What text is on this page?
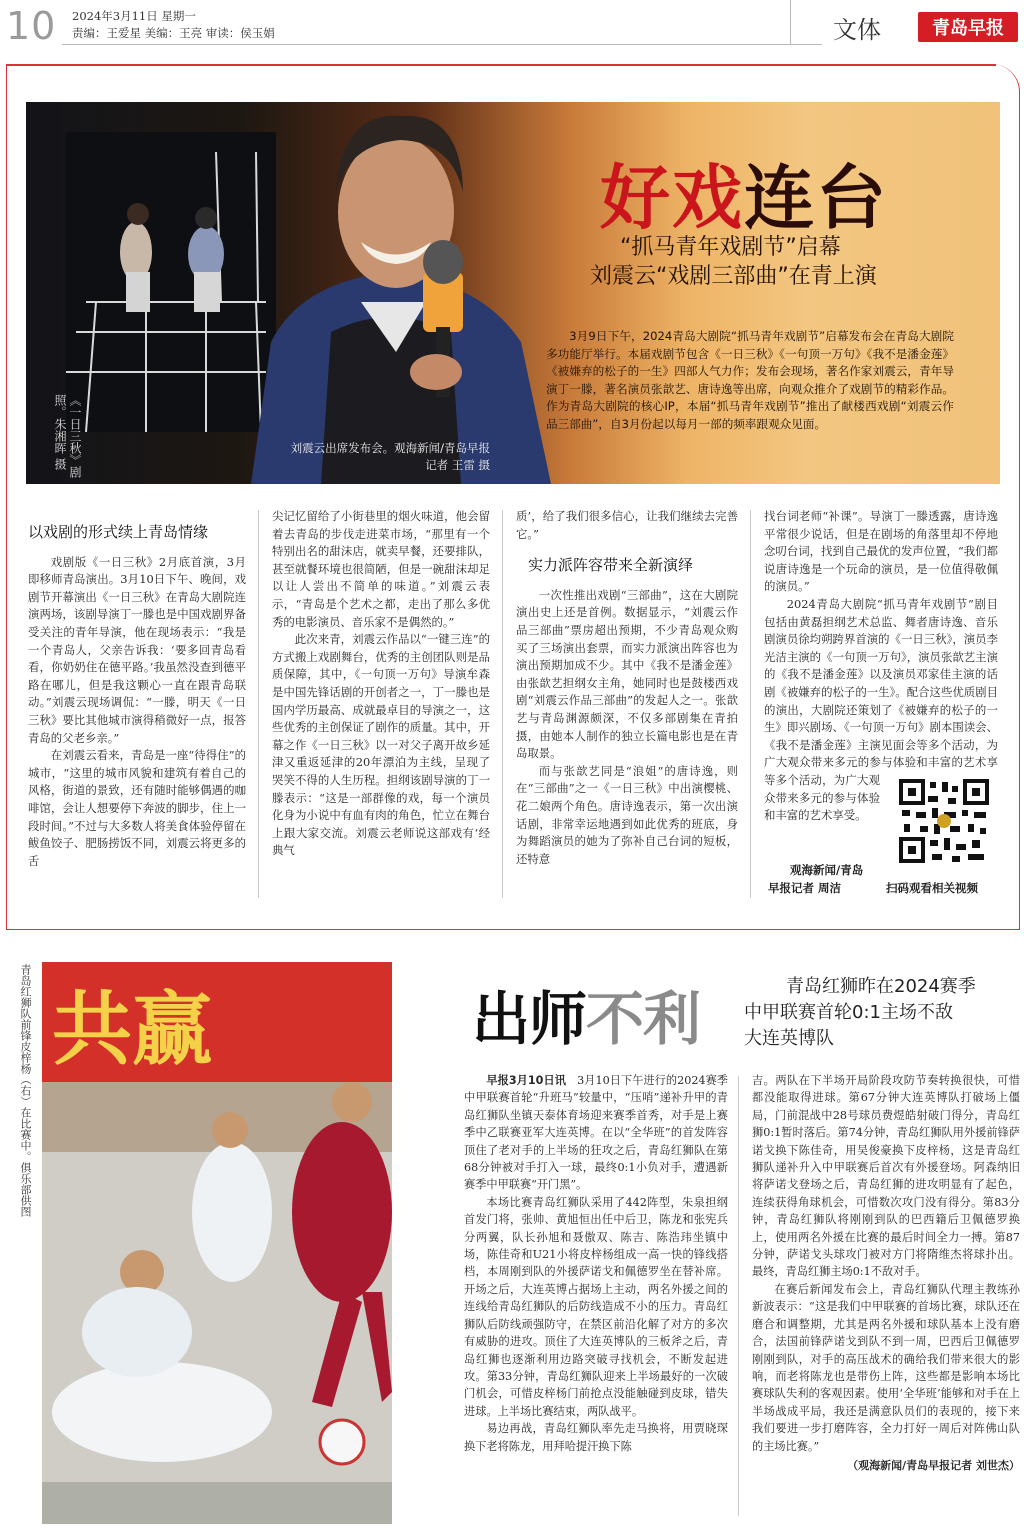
10 2024年3月11日 星期一
责编：王爱星 美编：王亮 审读：侯玉娟	文体	青岛早报
《一日三秋》剧照。朱湘晖 摄	刘震云出席发布会。观海新闻/青岛早报记者 王雷 摄
好戏连台
“抓马青年戏剧节”启幕
刘震云“戏剧三部曲”在青上演
3月9日下午，2024青岛大剧院“抓马青年戏剧节”启幕发布会在青岛大剧院多功能厅举行。本届戏剧节包含《一日三秋》《一句顶一万句》《我不是潘金莲》《被嫌弃的松子的一生》四部人气力作；发布会现场，著名作家刘震云，青年导演丁一滕，著名演员张歆艺、唐诗逸等出席，向观众推介了戏剧节的精彩作品。作为青岛大剧院的核心IP，本届“抓马青年戏剧节”推出了献楼西戏剧“刘震云作品三部曲”，自3月份起以每月一部的频率跟观众见面。
以戏剧的形式续上青岛情缘

戏剧版《一日三秋》2月底首演，3月即移师青岛演出。3月10日下午、晚间，戏剧节开幕演出《一日三秋》在青岛大剧院连演两场，该剧导演丁一滕也是中国戏剧界备受关注的青年导演，他在现场表示：“我是一个青岛人，父亲告诉我：‘要多回青岛看看，你奶奶住在德平路。’我虽然没查到德平路在哪儿，但是我这颗心一直在跟青岛联动。”刘震云现场调侃：“一滕，明天《一日三秋》要比其他城市演得稍微好一点，报答青岛的父老乡亲。”

在刘震云看来，青岛是一座“待得住”的城市，“这里的城市风貌和建筑有着自己的风格，街道的景致，还有随时能够偶遇的咖啡馆，会让人想要停下奔波的脚步，住上一段时间。”不过与大多数人将美食体验停留在鲅鱼饺子、肥肠捞饭不同，刘震云将更多的舌

尖记忆留给了小街巷里的烟火味道，他会留着去青岛的步伐走进菜市场，“那里有一个特别出名的甜沫店，就卖早餐，还要排队，甚至就餐环境也很简陋，但是一碗甜沫却足以让人尝出不简单的味道。”刘震云表示，“青岛是个艺术之都，走出了那么多优秀的电影演员、音乐家不是偶然的。”

此次来青，刘震云作品以“一键三连”的方式搬上戏剧舞台，优秀的主创团队则是品质保障，其中，《一句顶一万句》导演牟森是中国先锋话剧的开创者之一，丁一滕也是国内学历最高、成就最卓目的导演之一，这些优秀的主创保证了剧作的质量。其中，开幕之作《一日三秋》以一对父子离开故乡延津又重返延津的20年漂泊为主线，呈现了哭笑不得的人生历程。担纲该剧导演的丁一滕表示：“这是一部群像的戏，每一个演员化身为小说中有血有肉的角色，忙立在舞台上跟大家交流。刘震云老师说这部戏有‘经典气

质’，给了我们很多信心，让我们继续去完善它。”

实力派阵容带来全新演绎

一次性推出戏剧“三部曲”，这在大剧院演出史上还是首例。数据显示，“刘震云作品三部曲”票房超出预期，不少青岛观众购买了三场演出套票，而实力派演出阵容也为演出预期加成不少。其中《我不是潘金莲》由张歆艺担纲女主角，她同时也是鼓楼西戏剧“刘震云作品三部曲”的发起人之一。张歆艺与青岛渊源颇深，不仅多部剧集在青拍摄，由她本人制作的独立长篇电影也是在青岛取景。

而与张歆艺同是“浪姐”的唐诗逸，则在“三部曲”之一《一日三秋》中出演樱桃、花二娘两个角色。唐诗逸表示，第一次出演话剧，非常幸运地遇到如此优秀的班底，身为舞蹈演员的她为了弥补自己台词的短板，还特意

找台词老师“补课”。导演丁一滕透露，唐诗逸平常很少说话，但是在剧场的角落里却不停地念叨台词，找到自己最优的发声位置，“我们都说唐诗逸是一个玩命的演员，是一位值得敬佩的演员。”

2024青岛大剧院“抓马青年戏剧节”剧目包括由黄磊担纲艺术总监、舞者唐诗逸、音乐剧演员徐均朔跨界首演的《一日三秋》，演员李光洁主演的《一句顶一万句》，演员张歆艺主演的《我不是潘金莲》以及演员邓家佳主演的话剧《被嫌弃的松子的一生》。配合这些优质剧目的演出，大剧院还策划了《被嫌弃的松子的一生》即兴剧场、《一句顶一万句》剧本围读会、《我不是潘金莲》主演见面会等多个活动，为广大观众带来多元的参与体验和丰富的艺术享

等多个活动，为广大观众带来多元的参与体验和丰富的艺术享受。
观海新闻/青岛
早报记者 周洁	扫码观看相关视频
青岛红狮队前锋皮梓杨（右）在比赛中。俱乐部供图 共赢	出师不利	青岛红狮昨在2024赛季
中甲联赛首轮0:1主场不敌
大连英博队

早报3月10日讯  3月10日下午进行的2024赛季中甲联赛首轮“升班马”较量中，“压哨”递补升甲的青岛红狮队坐镇天泰体育场迎来赛季首秀，对手是上赛季中乙联赛亚军大连英博。在以“全华班”的首发阵容顶住了老对手的上半场的狂攻之后，青岛红狮队在第68分钟被对手打入一球，最终0:1小负对手，遭遇新赛季中甲联赛“开门黑”。

本场比赛青岛红狮队采用了442阵型，朱泉担纲首发门将，张帅、黄旭恒出任中后卫，陈龙和张宪兵分两翼，队长孙旭和聂傲双、陈吉、陈浩玮坐镇中场，陈佳奇和U21小将皮梓杨组成一高一快的锋线搭档，本周刚到队的外援萨诺戈和佩德罗坐在替补席。开场之后，大连英博占据场上主动，两名外援之间的连线给青岛红狮队的后防线造成不小的压力。青岛红狮队后防线顽强防守，在禁区前沿化解了对方的多次有威胁的进攻。顶住了大连英博队的三板斧之后，青岛红狮也逐渐利用边路突破寻找机会，不断发起进攻。第33分钟，青岛红狮队迎来上半场最好的一次破门机会，可惜皮梓杨门前抢点没能触碰到皮球，错失进球。上半场比赛结束，两队战平。

易边再战，青岛红狮队率先走马换将，用贾晓琛换下老将陈龙，用拜哈提汗换下陈

吉。两队在下半场开局阶段攻防节奏转换很快，可惜都没能取得进球。第67分钟大连英博队打破场上僵局，门前混战中28号球员费煜皓射破门得分，青岛红狮0:1暂时落后。第74分钟，青岛红狮队用外援前锋萨诺戈换下陈佳奇，用吴俊豪换下皮梓杨，这是青岛红狮队递补升入中甲联赛后首次有外援登场。阿森纳旧将萨诺戈登场之后，青岛红狮的进攻明显有了起色，连续获得角球机会，可惜数次攻门没有得分。第83分钟，青岛红狮队将刚刚到队的巴西籍后卫佩德罗换上，使用两名外援在比赛的最后时间全力一搏。第87分钟，萨诺戈头球攻门被对方门将隋维杰将球扑出。最终，青岛红狮主场0:1不敌对手。

在赛后新闻发布会上，青岛红狮队代理主教练孙新波表示：“这是我们中甲联赛的首场比赛，球队还在磨合和调整期，尤其是两名外援和球队基本上没有磨合，法国前锋萨诺戈到队不到一周，巴西后卫佩德罗刚刚到队，对手的高压战术的确给我们带来很大的影响，而老将陈龙也是带伤上阵，这些都是影响本场比赛球队失利的客观因素。使用‘全华班’能够和对手在上半场战成平局，我还是满意队员们的表现的，接下来我们要进一步打磨阵容，全力打好一周后对阵佛山队的主场比赛。”

（观海新闻/青岛早报记者 刘世杰）
